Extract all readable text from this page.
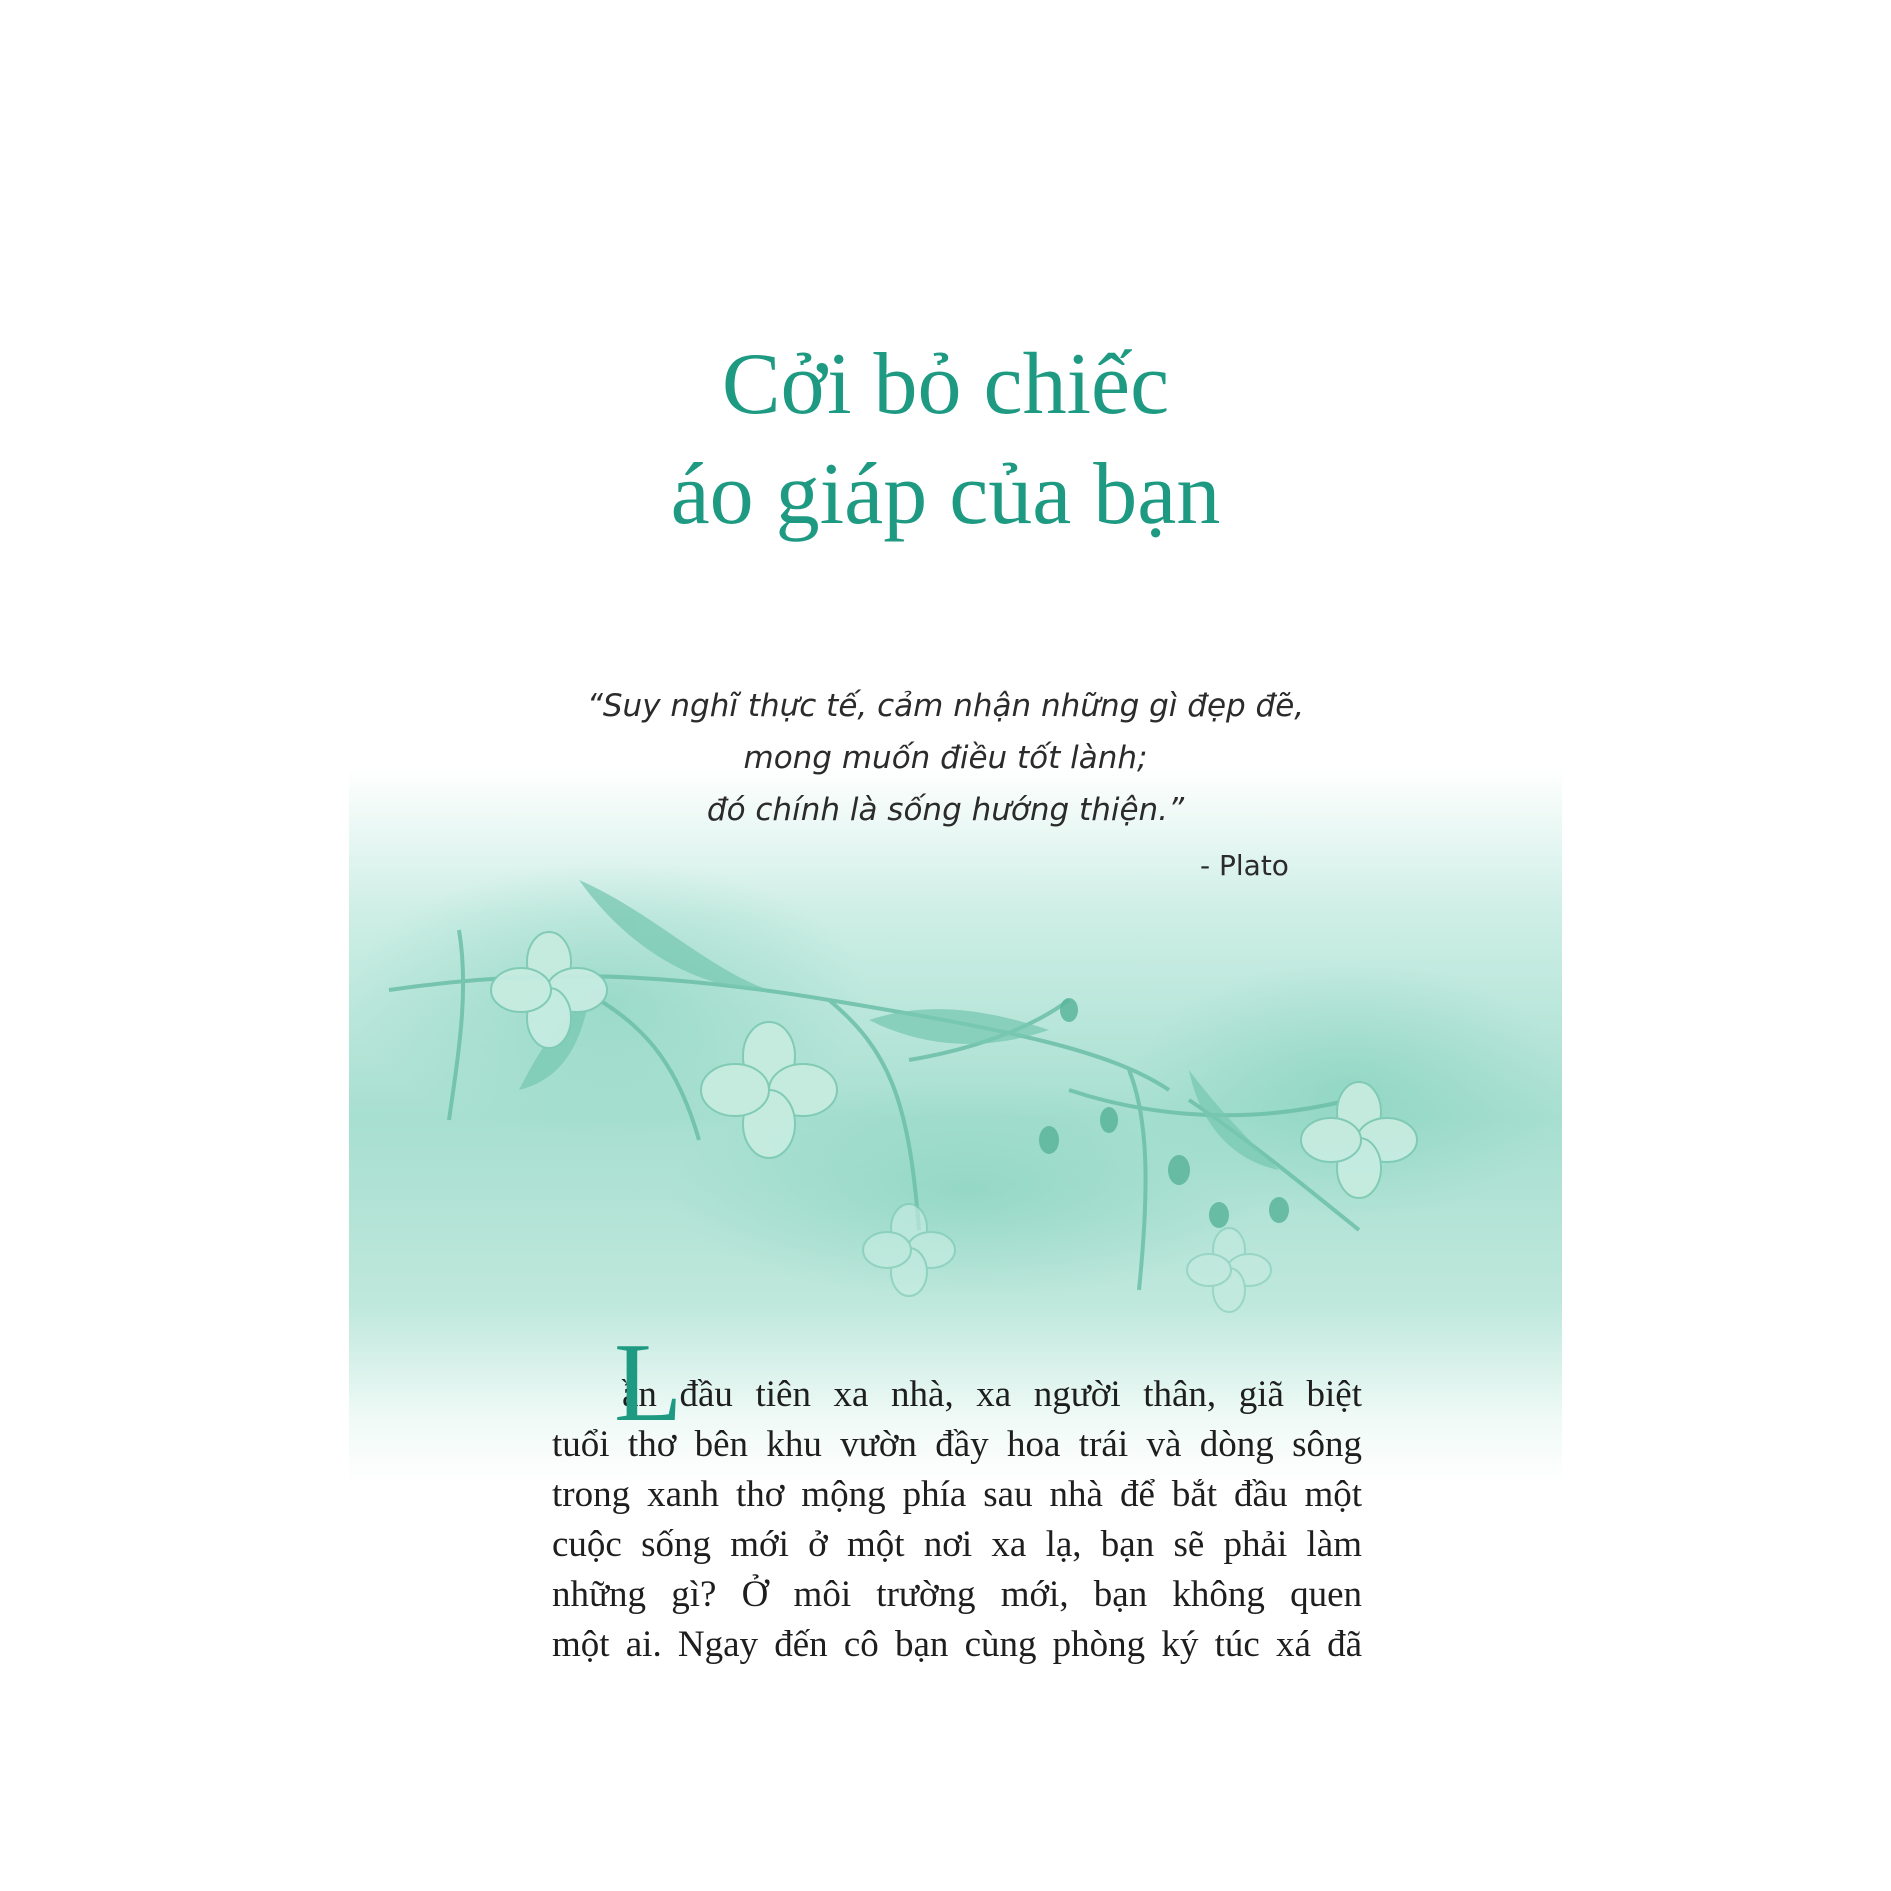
Cởi bỏ chiếc
áo giáp của bạn
“Suy nghĩ thực tế, cảm nhận những gì đẹp đẽ,
mong muốn điều tốt lành;
đó chính là sống hướng thiện.”
- Plato
L
ần đầu tiên xa nhà, xa người thân, giã biệt
tuổi thơ bên khu vườn đầy hoa trái và dòng sông
trong xanh thơ mộng phía sau nhà để bắt đầu một
cuộc sống mới ở một nơi xa lạ, bạn sẽ phải làm
những gì? Ở môi trường mới, bạn không quen
một ai. Ngay đến cô bạn cùng phòng ký túc xá đã
